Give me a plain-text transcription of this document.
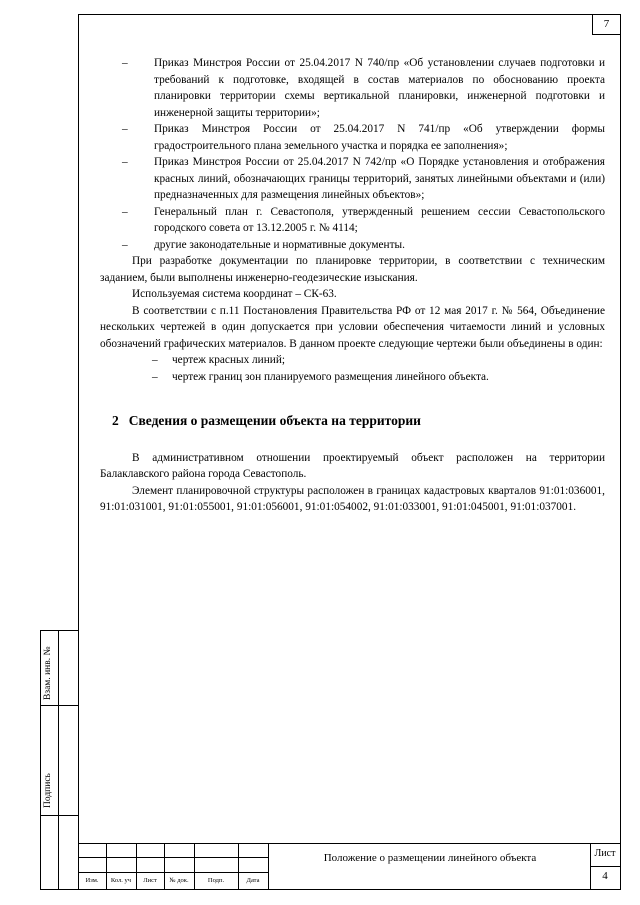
7
Взам. инв. №
Подпись
–	Приказ Минстроя России от 25.04.2017 N 740/пр «Об установлении случаев подготовки и требований к подготовке, входящей в состав материалов по обоснованию проекта планировки территории схемы вертикальной планировки, инженерной подготовки и инженерной защиты территории»;
–	Приказ Минстроя России от 25.04.2017 N 741/пр «Об утверждении формы градостроительного плана земельного участка и порядка ее заполнения»;
–	Приказ Минстроя России от 25.04.2017 N 742/пр «О Порядке установления и отображения красных линий, обозначающих границы территорий, занятых линейными объектами и (или) предназначенных для размещения линейных объектов»;
–	Генеральный план г. Севастополя, утвержденный решением сессии Севастопольского городского совета от 13.12.2005 г. № 4114;
–	другие законодательные и нормативные документы.

При разработке документации по планировке территории, в соответствии с техническим заданием, были выполнены инженерно-геодезические изыскания.

Используемая система координат – СК-63.

В соответствии с п.11 Постановления Правительства РФ от 12 мая 2017 г. № 564, Объединение нескольких чертежей в один допускается при условии обеспечения читаемости линий и условных обозначений графических материалов. В данном проекте следующие чертежи были объединены в один:

–	чертеж красных линий;
–	чертеж границ зон планируемого размещения линейного объекта.
2 Сведения о размещении объекта на территории

В административном отношении проектируемый объект расположен на территории Балаклавского района города Севастополь.

Элемент планировочной структуры расположен в границах кадастровых кварталов 91:01:036001, 91:01:031001, 91:01:055001, 91:01:056001, 91:01:054002, 91:01:033001, 91:01:045001, 91:01:037001.

Изм.	Кол. уч	Лист	№ док.	Подп.	Дата
Положение о размещении линейного объекта	Лист
4
